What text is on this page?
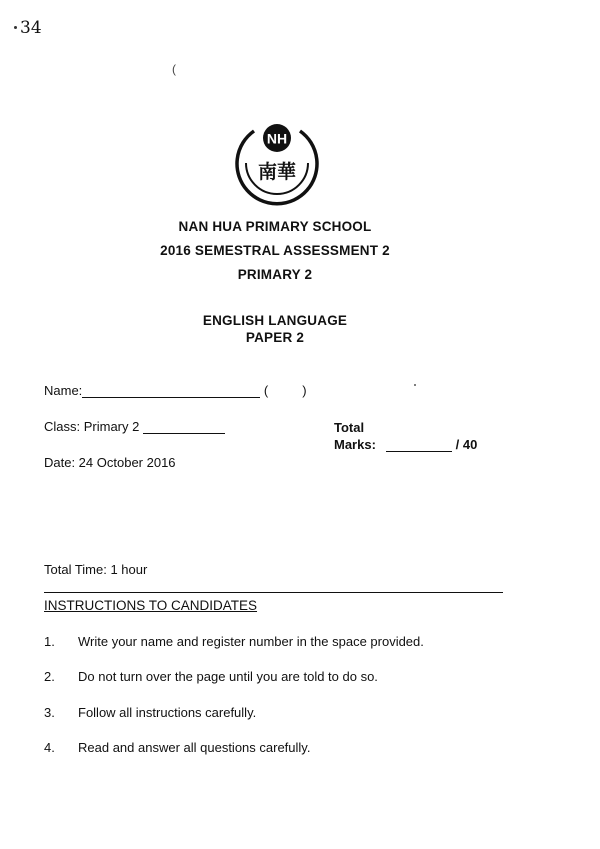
34
(
NH
南華
NAN HUA PRIMARY SCHOOL
2016 SEMESTRAL ASSESSMENT 2
PRIMARY 2
ENGLISH LANGUAGE
PAPER 2
Name:	(	)
Class: Primary 2
Date: 24 October 2016
Total
Marks:	/ 40
Total Time: 1 hour
INSTRUCTIONS TO CANDIDATES
1. Write your name and register number in the space provided.
2. Do not turn over the page until you are told to do so.
3. Follow all instructions carefully.
4. Read and answer all questions carefully.
